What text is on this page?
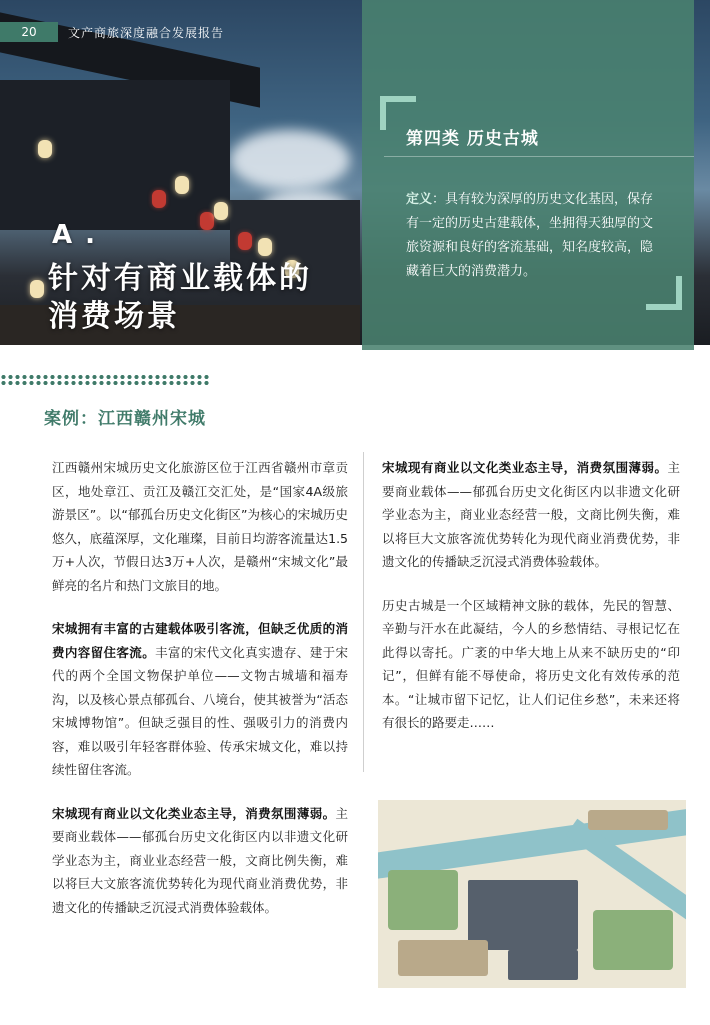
20	文产商旅深度融合发展报告
A .
针对有商业载体的消费场景
第四类 历史古城
定义：具有较为深厚的历史文化基因，保存有一定的历史古建载体，坐拥得天独厚的文旅资源和良好的客流基础，知名度较高，隐藏着巨大的消费潜力。
案例：江西赣州宋城

江西赣州宋城历史文化旅游区位于江西省赣州市章贡区，地处章江、贡江及赣江交汇处，是“国家4A级旅游景区”。以“郁孤台历史文化街区”为核心的宋城历史悠久，底蕴深厚，文化璀璨，目前日均游客流量达1.5万+人次，节假日达3万+人次，是赣州“宋城文化”最鲜亮的名片和热门文旅目的地。

宋城拥有丰富的古建载体吸引客流，但缺乏优质的消费内容留住客流。丰富的宋代文化真实遗存、建于宋代的两个全国文物保护单位——文物古城墙和福寿沟，以及核心景点郁孤台、八境台，使其被誉为“活态宋城博物馆”。但缺乏强目的性、强吸引力的消费内容，难以吸引年轻客群体验、传承宋城文化，难以持续性留住客流。

宋城现有商业以文化类业态主导，消费氛围薄弱。主要商业载体——郁孤台历史文化街区内以非遗文化研学业态为主，商业业态经营一般，文商比例失衡，难以将巨大文旅客流优势转化为现代商业消费优势，非遗文化的传播缺乏沉浸式消费体验载体。

宋城现有商业以文化类业态主导，消费氛围薄弱。主要商业载体——郁孤台历史文化街区内以非遗文化研学业态为主，商业业态经营一般，文商比例失衡，难以将巨大文旅客流优势转化为现代商业消费优势，非遗文化的传播缺乏沉浸式消费体验载体。

历史古城是一个区域精神文脉的载体，先民的智慧、辛勤与汗水在此凝结，今人的乡愁情结、寻根记忆在此得以寄托。广袤的中华大地上从来不缺历史的“印记”，但鲜有能不辱使命，将历史文化有效传承的范本。“让城市留下记忆，让人们记住乡愁”，未来还将有很长的路要走……
